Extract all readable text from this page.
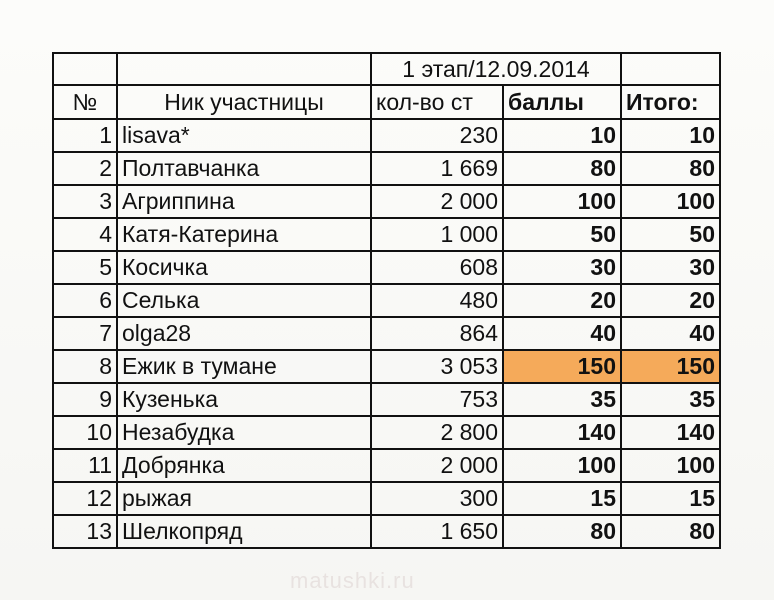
		1 этап/12.09.2014		
№	Ник участницы	кол-во ст	баллы	Итого:
1	lisava*	230	10	10
2	Полтавчанка	1 669	80	80
3	Агриппина	2 000	100	100
4	Катя-Катерина	1 000	50	50
5	Косичка	608	30	30
6	Селька	480	20	20
7	olga28	864	40	40
8	Ежик в тумане	3 053	150	150
9	Кузенька	753	35	35
10	Незабудка	2 800	140	140
11	Добрянка	2 000	100	100
12	рыжая	300	15	15
13	Шелкопряд	1 650	80	80
matushki.ru
